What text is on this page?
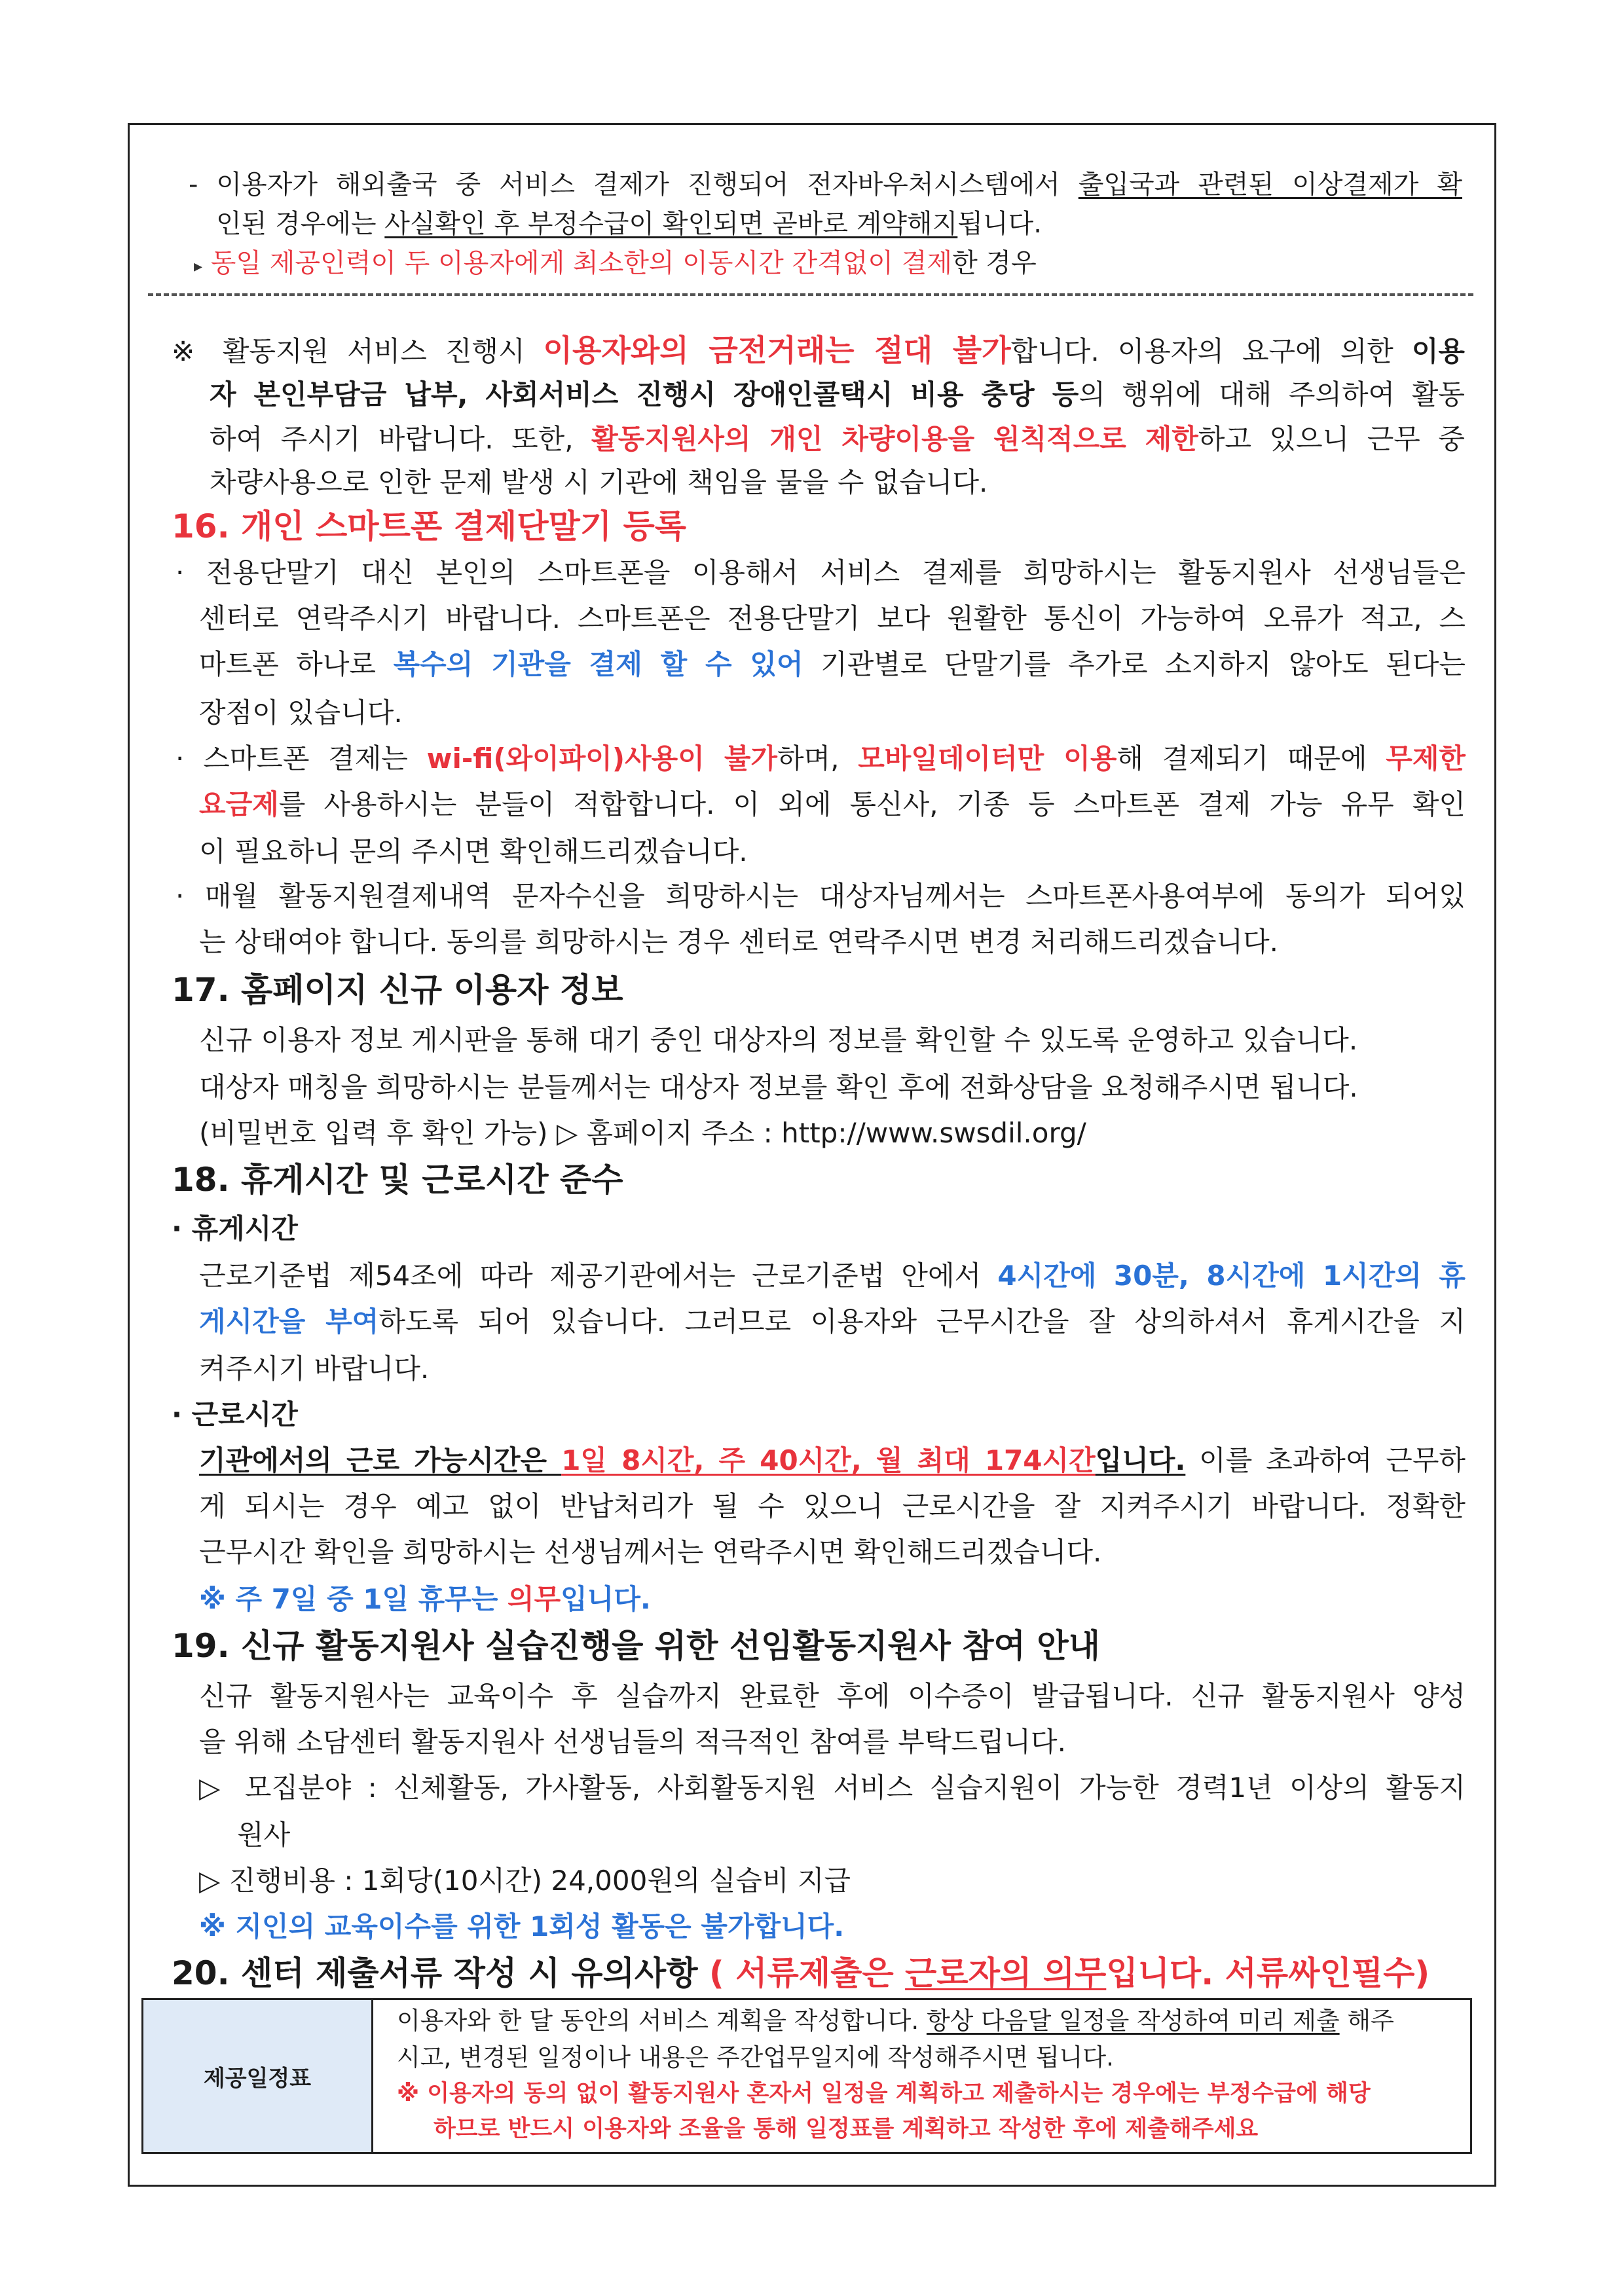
- 이용자가 해외출국 중 서비스 결제가 진행되어 전자바우처시스템에서 출입국과 관련된 이상결제가 확
인된 경우에는 사실확인 후 부정수급이 확인되면 곧바로 계약해지됩니다.
▸ 동일 제공인력이 두 이용자에게 최소한의 이동시간 간격없이 결제한 경우
※ 활동지원 서비스 진행시 이용자와의 금전거래는 절대 불가합니다. 이용자의 요구에 의한 이용
자 본인부담금 납부, 사회서비스 진행시 장애인콜택시 비용 충당 등의 행위에 대해 주의하여 활동
하여 주시기 바랍니다. 또한, 활동지원사의 개인 차량이용을 원칙적으로 제한하고 있으니 근무 중
차량사용으로 인한 문제 발생 시 기관에 책임을 물을 수 없습니다.
16. 개인 스마트폰 결제단말기 등록
· 전용단말기 대신 본인의 스마트폰을 이용해서 서비스 결제를 희망하시는 활동지원사 선생님들은
센터로 연락주시기 바랍니다. 스마트폰은 전용단말기 보다 원활한 통신이 가능하여 오류가 적고, 스
마트폰 하나로 복수의 기관을 결제 할 수 있어 기관별로 단말기를 추가로 소지하지 않아도 된다는
장점이 있습니다.
· 스마트폰 결제는 wi-fi(와이파이)사용이 불가하며, 모바일데이터만 이용해 결제되기 때문에 무제한
요금제를 사용하시는 분들이 적합합니다. 이 외에 통신사, 기종 등 스마트폰 결제 가능 유무 확인
이 필요하니 문의 주시면 확인해드리겠습니다.
· 매월 활동지원결제내역 문자수신을 희망하시는 대상자님께서는 스마트폰사용여부에 동의가 되어있
는 상태여야 합니다. 동의를 희망하시는 경우 센터로 연락주시면 변경 처리해드리겠습니다.
17. 홈페이지 신규 이용자 정보
신규 이용자 정보 게시판을 통해 대기 중인 대상자의 정보를 확인할 수 있도록 운영하고 있습니다.
대상자 매칭을 희망하시는 분들께서는 대상자 정보를 확인 후에 전화상담을 요청해주시면 됩니다.
(비밀번호 입력 후 확인 가능) ▷ 홈페이지 주소 : http://www.swsdil.org/
18. 휴게시간 및 근로시간 준수
· 휴게시간
근로기준법 제54조에 따라 제공기관에서는 근로기준법 안에서 4시간에 30분, 8시간에 1시간의 휴
게시간을 부여하도록 되어 있습니다. 그러므로 이용자와 근무시간을 잘 상의하셔서 휴게시간을 지
켜주시기 바랍니다.
· 근로시간
기관에서의 근로 가능시간은 1일 8시간, 주 40시간, 월 최대 174시간입니다. 이를 초과하여 근무하
게 되시는 경우 예고 없이 반납처리가 될 수 있으니 근로시간을 잘 지켜주시기 바랍니다. 정확한
근무시간 확인을 희망하시는 선생님께서는 연락주시면 확인해드리겠습니다.
※ 주 7일 중 1일 휴무는 의무입니다.
19. 신규 활동지원사 실습진행을 위한 선임활동지원사 참여 안내
신규 활동지원사는 교육이수 후 실습까지 완료한 후에 이수증이 발급됩니다. 신규 활동지원사 양성
을 위해 소담센터 활동지원사 선생님들의 적극적인 참여를 부탁드립니다.
▷ 모집분야 : 신체활동, 가사활동, 사회활동지원 서비스 실습지원이 가능한 경력1년 이상의 활동지
원사
▷ 진행비용 : 1회당(10시간) 24,000원의 실습비 지급
※ 지인의 교육이수를 위한 1회성 활동은 불가합니다.
20. 센터 제출서류 작성 시 유의사항 ( 서류제출은 근로자의 의무입니다. 서류싸인필수)
제공일정표
이용자와 한 달 동안의 서비스 계획을 작성합니다. 항상 다음달 일정을 작성하여 미리 제출 해주
시고, 변경된 일정이나 내용은 주간업무일지에 작성해주시면 됩니다.
※ 이용자의 동의 없이 활동지원사 혼자서 일정을 계획하고 제출하시는 경우에는 부정수급에 해당
하므로 반드시 이용자와 조율을 통해 일정표를 계획하고 작성한 후에 제출해주세요
